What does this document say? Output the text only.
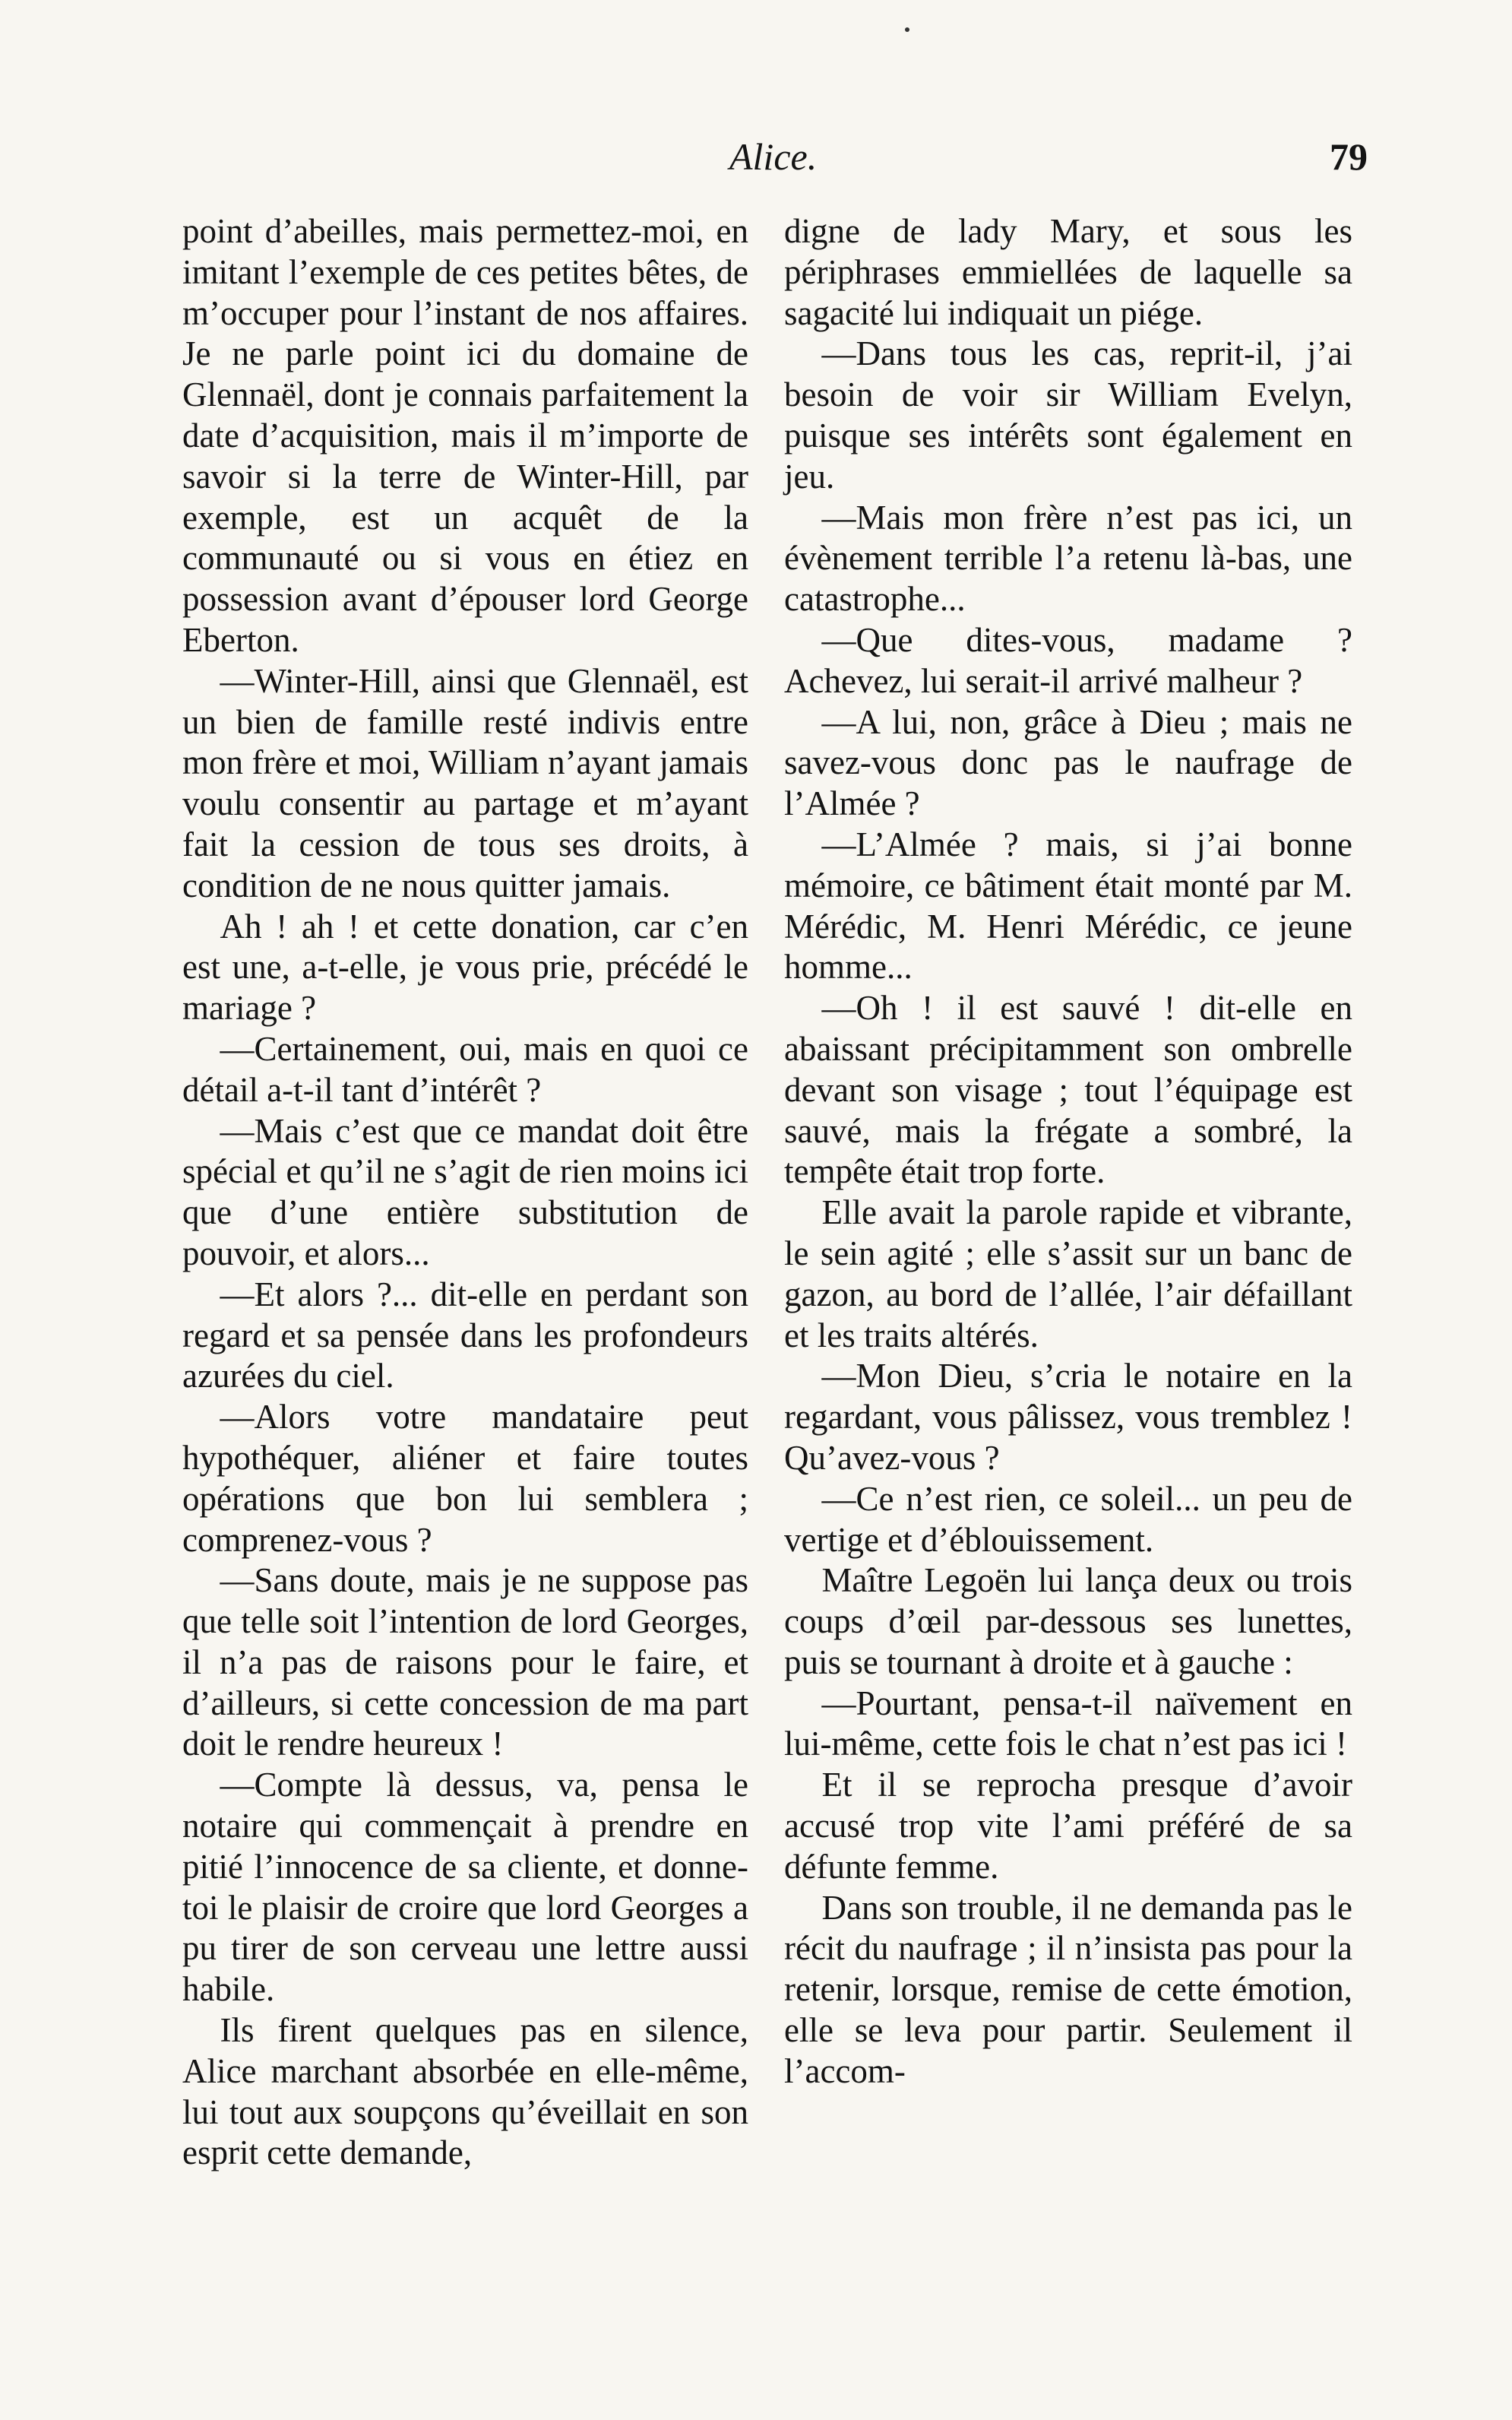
Alice.	79

point d’abeilles, mais permettez-moi, en imitant l’exemple de ces petites bêtes, de m’occuper pour l’instant de nos affaires. Je ne parle point ici du domaine de Glennaël, dont je connais parfaitement la date d’acquisition, mais il m’importe de savoir si la terre de Winter-Hill, par exemple, est un acquêt de la communauté ou si vous en étiez en possession avant d’épouser lord George Eberton.

—Winter-Hill, ainsi que Glennaël, est un bien de famille resté indivis entre mon frère et moi, William n’ayant jamais voulu consentir au partage et m’ayant fait la cession de tous ses droits, à condition de ne nous quitter jamais.

Ah ! ah ! et cette donation, car c’en est une, a-t-elle, je vous prie, précédé le mariage ?

—Certainement, oui, mais en quoi ce détail a-t-il tant d’intérêt ?

—Mais c’est que ce mandat doit être spécial et qu’il ne s’agit de rien moins ici que d’une entière substitution de pouvoir, et alors...

—Et alors ?... dit-elle en perdant son regard et sa pensée dans les profondeurs azurées du ciel.

—Alors votre mandataire peut hypothéquer, aliéner et faire toutes opérations que bon lui semblera ; comprenez-vous ?

—Sans doute, mais je ne suppose pas que telle soit l’intention de lord Georges, il n’a pas de raisons pour le faire, et d’ailleurs, si cette concession de ma part doit le rendre heureux !

—Compte là dessus, va, pensa le notaire qui commençait à prendre en pitié l’innocence de sa cliente, et donne-toi le plaisir de croire que lord Georges a pu tirer de son cerveau une lettre aussi habile.

Ils firent quelques pas en silence, Alice marchant absorbée en elle-même, lui tout aux soupçons qu’éveillait en son esprit cette demande,

digne de lady Mary, et sous les périphrases emmiellées de laquelle sa sagacité lui indiquait un piége.

—Dans tous les cas, reprit-il, j’ai besoin de voir sir William Evelyn, puisque ses intérêts sont également en jeu.

—Mais mon frère n’est pas ici, un évènement terrible l’a retenu là-bas, une catastrophe...

—Que dites-vous, madame ? Achevez, lui serait-il arrivé malheur ?

—A lui, non, grâce à Dieu ; mais ne savez-vous donc pas le naufrage de l’Almée ?

—L’Almée ? mais, si j’ai bonne mémoire, ce bâtiment était monté par M. Mérédic, M. Henri Mérédic, ce jeune homme...

—Oh ! il est sauvé ! dit-elle en abaissant précipitamment son ombrelle devant son visage ; tout l’équipage est sauvé, mais la frégate a sombré, la tempête était trop forte.

Elle avait la parole rapide et vibrante, le sein agité ; elle s’assit sur un banc de gazon, au bord de l’allée, l’air défaillant et les traits altérés.

—Mon Dieu, s’cria le notaire en la regardant, vous pâlissez, vous tremblez ! Qu’avez-vous ?

—Ce n’est rien, ce soleil... un peu de vertige et d’éblouissement.

Maître Legoën lui lança deux ou trois coups d’œil par-dessous ses lunettes, puis se tournant à droite et à gauche :

—Pourtant, pensa-t-il naïvement en lui-même, cette fois le chat n’est pas ici !

Et il se reprocha presque d’avoir accusé trop vite l’ami préféré de sa défunte femme.

Dans son trouble, il ne demanda pas le récit du naufrage ; il n’insista pas pour la retenir, lorsque, remise de cette émotion, elle se leva pour partir. Seulement il l’accom-
